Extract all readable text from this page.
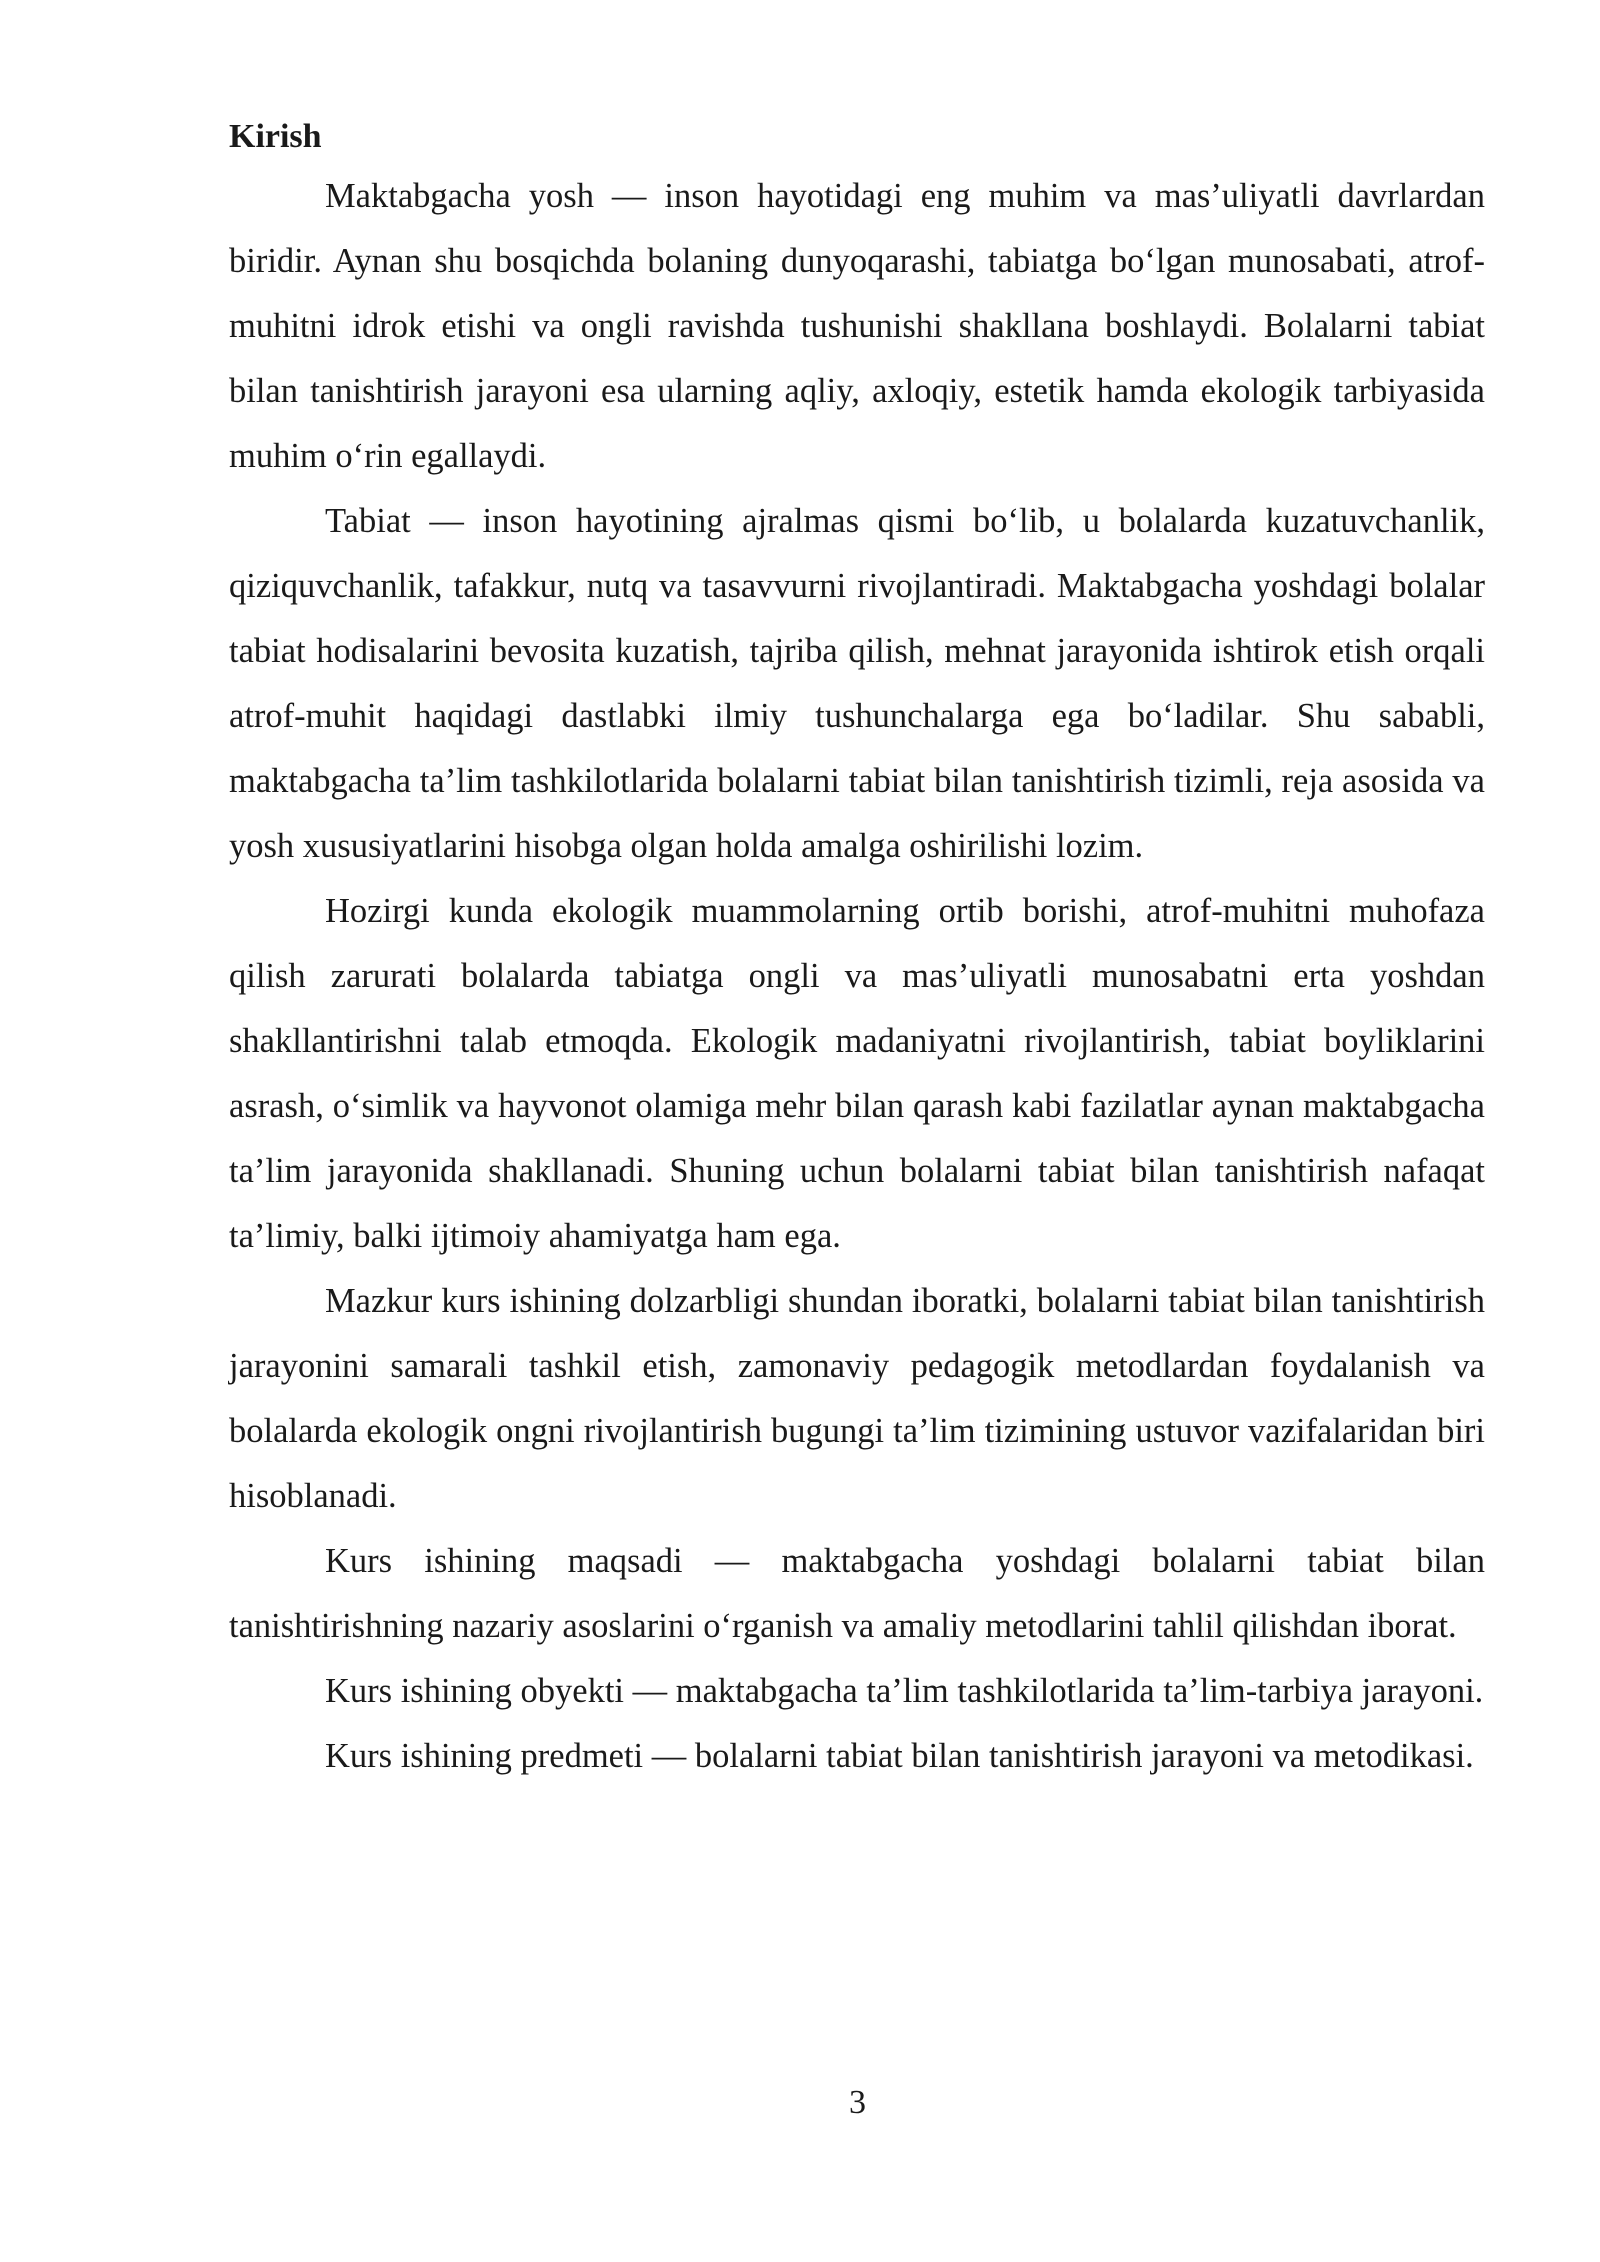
Kirish

Maktabgacha yosh — inson hayotidagi eng muhim va mas’uliyatli davrlardan biridir. Aynan shu bosqichda bolaning dunyoqarashi, tabiatga bo‘lgan munosabati, atrof-muhitni idrok etishi va ongli ravishda tushunishi shakllana boshlaydi. Bolalarni tabiat bilan tanishtirish jarayoni esa ularning aqliy, axloqiy, estetik hamda ekologik tarbiyasida muhim o‘rin egallaydi.

Tabiat — inson hayotining ajralmas qismi bo‘lib, u bolalarda kuzatuvchanlik, qiziquvchanlik, tafakkur, nutq va tasavvurni rivojlantiradi. Maktabgacha yoshdagi bolalar tabiat hodisalarini bevosita kuzatish, tajriba qilish, mehnat jarayonida ishtirok etish orqali atrof-muhit haqidagi dastlabki ilmiy tushunchalarga ega bo‘ladilar. Shu sababli, maktabgacha ta’lim tashkilotlarida bolalarni tabiat bilan tanishtirish tizimli, reja asosida va yosh xususiyatlarini hisobga olgan holda amalga oshirilishi lozim.

Hozirgi kunda ekologik muammolarning ortib borishi, atrof-muhitni muhofaza qilish zarurati bolalarda tabiatga ongli va mas’uliyatli munosabatni erta yoshdan shakllantirishni talab etmoqda. Ekologik madaniyatni rivojlantirish, tabiat boyliklarini asrash, o‘simlik va hayvonot olamiga mehr bilan qarash kabi fazilatlar aynan maktabgacha ta’lim jarayonida shakllanadi. Shuning uchun bolalarni tabiat bilan tanishtirish nafaqat ta’limiy, balki ijtimoiy ahamiyatga ham ega.

Mazkur kurs ishining dolzarbligi shundan iboratki, bolalarni tabiat bilan tanishtirish jarayonini samarali tashkil etish, zamonaviy pedagogik metodlardan foydalanish va bolalarda ekologik ongni rivojlantirish bugungi ta’lim tizimining ustuvor vazifalaridan biri hisoblanadi.

Kurs ishining maqsadi — maktabgacha yoshdagi bolalarni tabiat bilan tanishtirishning nazariy asoslarini o‘rganish va amaliy metodlarini tahlil qilishdan iborat.

Kurs ishining obyekti — maktabgacha ta’lim tashkilotlarida ta’lim-tarbiya jarayoni.

Kurs ishining predmeti — bolalarni tabiat bilan tanishtirish jarayoni va metodikasi.

3
